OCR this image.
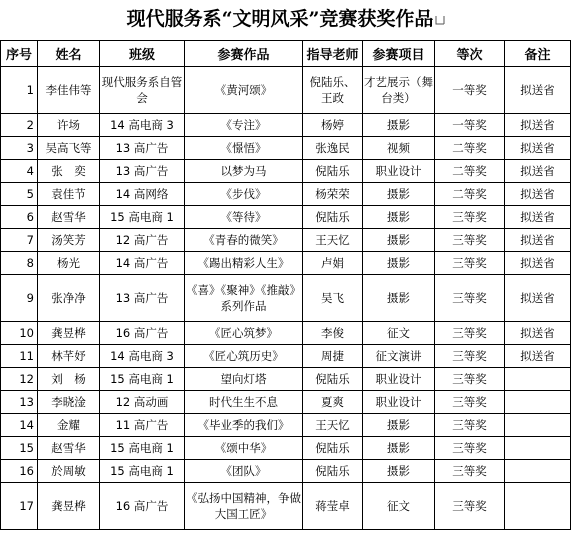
现代服务系“文明风采”竞赛获奖作品
序号	姓名	班级	参赛作品	指导老师	参赛项目	等次	备注
1	李佳伟等	现代服务系自管会	《黄河颂》	倪陆乐、王政	才艺展示（舞台类）	一等奖	拟送省
2	许场	14 高电商 3	《专注》	杨婷	摄影	一等奖	拟送省
3	吴高飞等	13 高广告	《憬悟》	张逸民	视频	二等奖	拟送省
4	张　奕	13 高广告	以梦为马	倪陆乐	职业设计	二等奖	拟送省
5	袁佳节	14 高网络	《步伐》	杨荣荣	摄影	二等奖	拟送省
6	赵雪华	15 高电商 1	《等待》	倪陆乐	摄影	三等奖	拟送省
7	汤笑芳	12 高广告	《青春的微笑》	王天忆	摄影	三等奖	拟送省
8	杨光	14 高广告	《踢出精彩人生》	卢娟	摄影	三等奖	拟送省
9	张净净	13 高广告	《喜》《聚神》《推敲》系列作品	吴飞	摄影	三等奖	拟送省
10	龚昱桦	16 高广告	《匠心筑梦》	李俊	征文	三等奖	拟送省
11	林芊妤	14 高电商 3	《匠心筑历史》	周捷	征文演讲	三等奖	拟送省
12	刘　杨	15 高电商 1	望向灯塔	倪陆乐	职业设计	三等奖	
13	李晓淦	12 高动画	时代生生不息	夏爽	职业设计	三等奖	
14	金耀	11 高广告	《毕业季的我们》	王天忆	摄影	三等奖	
15	赵雪华	15 高电商 1	《颂中华》	倪陆乐	摄影	三等奖	
16	於周敏	15 高电商 1	《团队》	倪陆乐	摄影	三等奖	
17	龚昱桦	16 高广告	《弘扬中国精神，争做大国工匠》	蒋莹卓	征文	三等奖	
